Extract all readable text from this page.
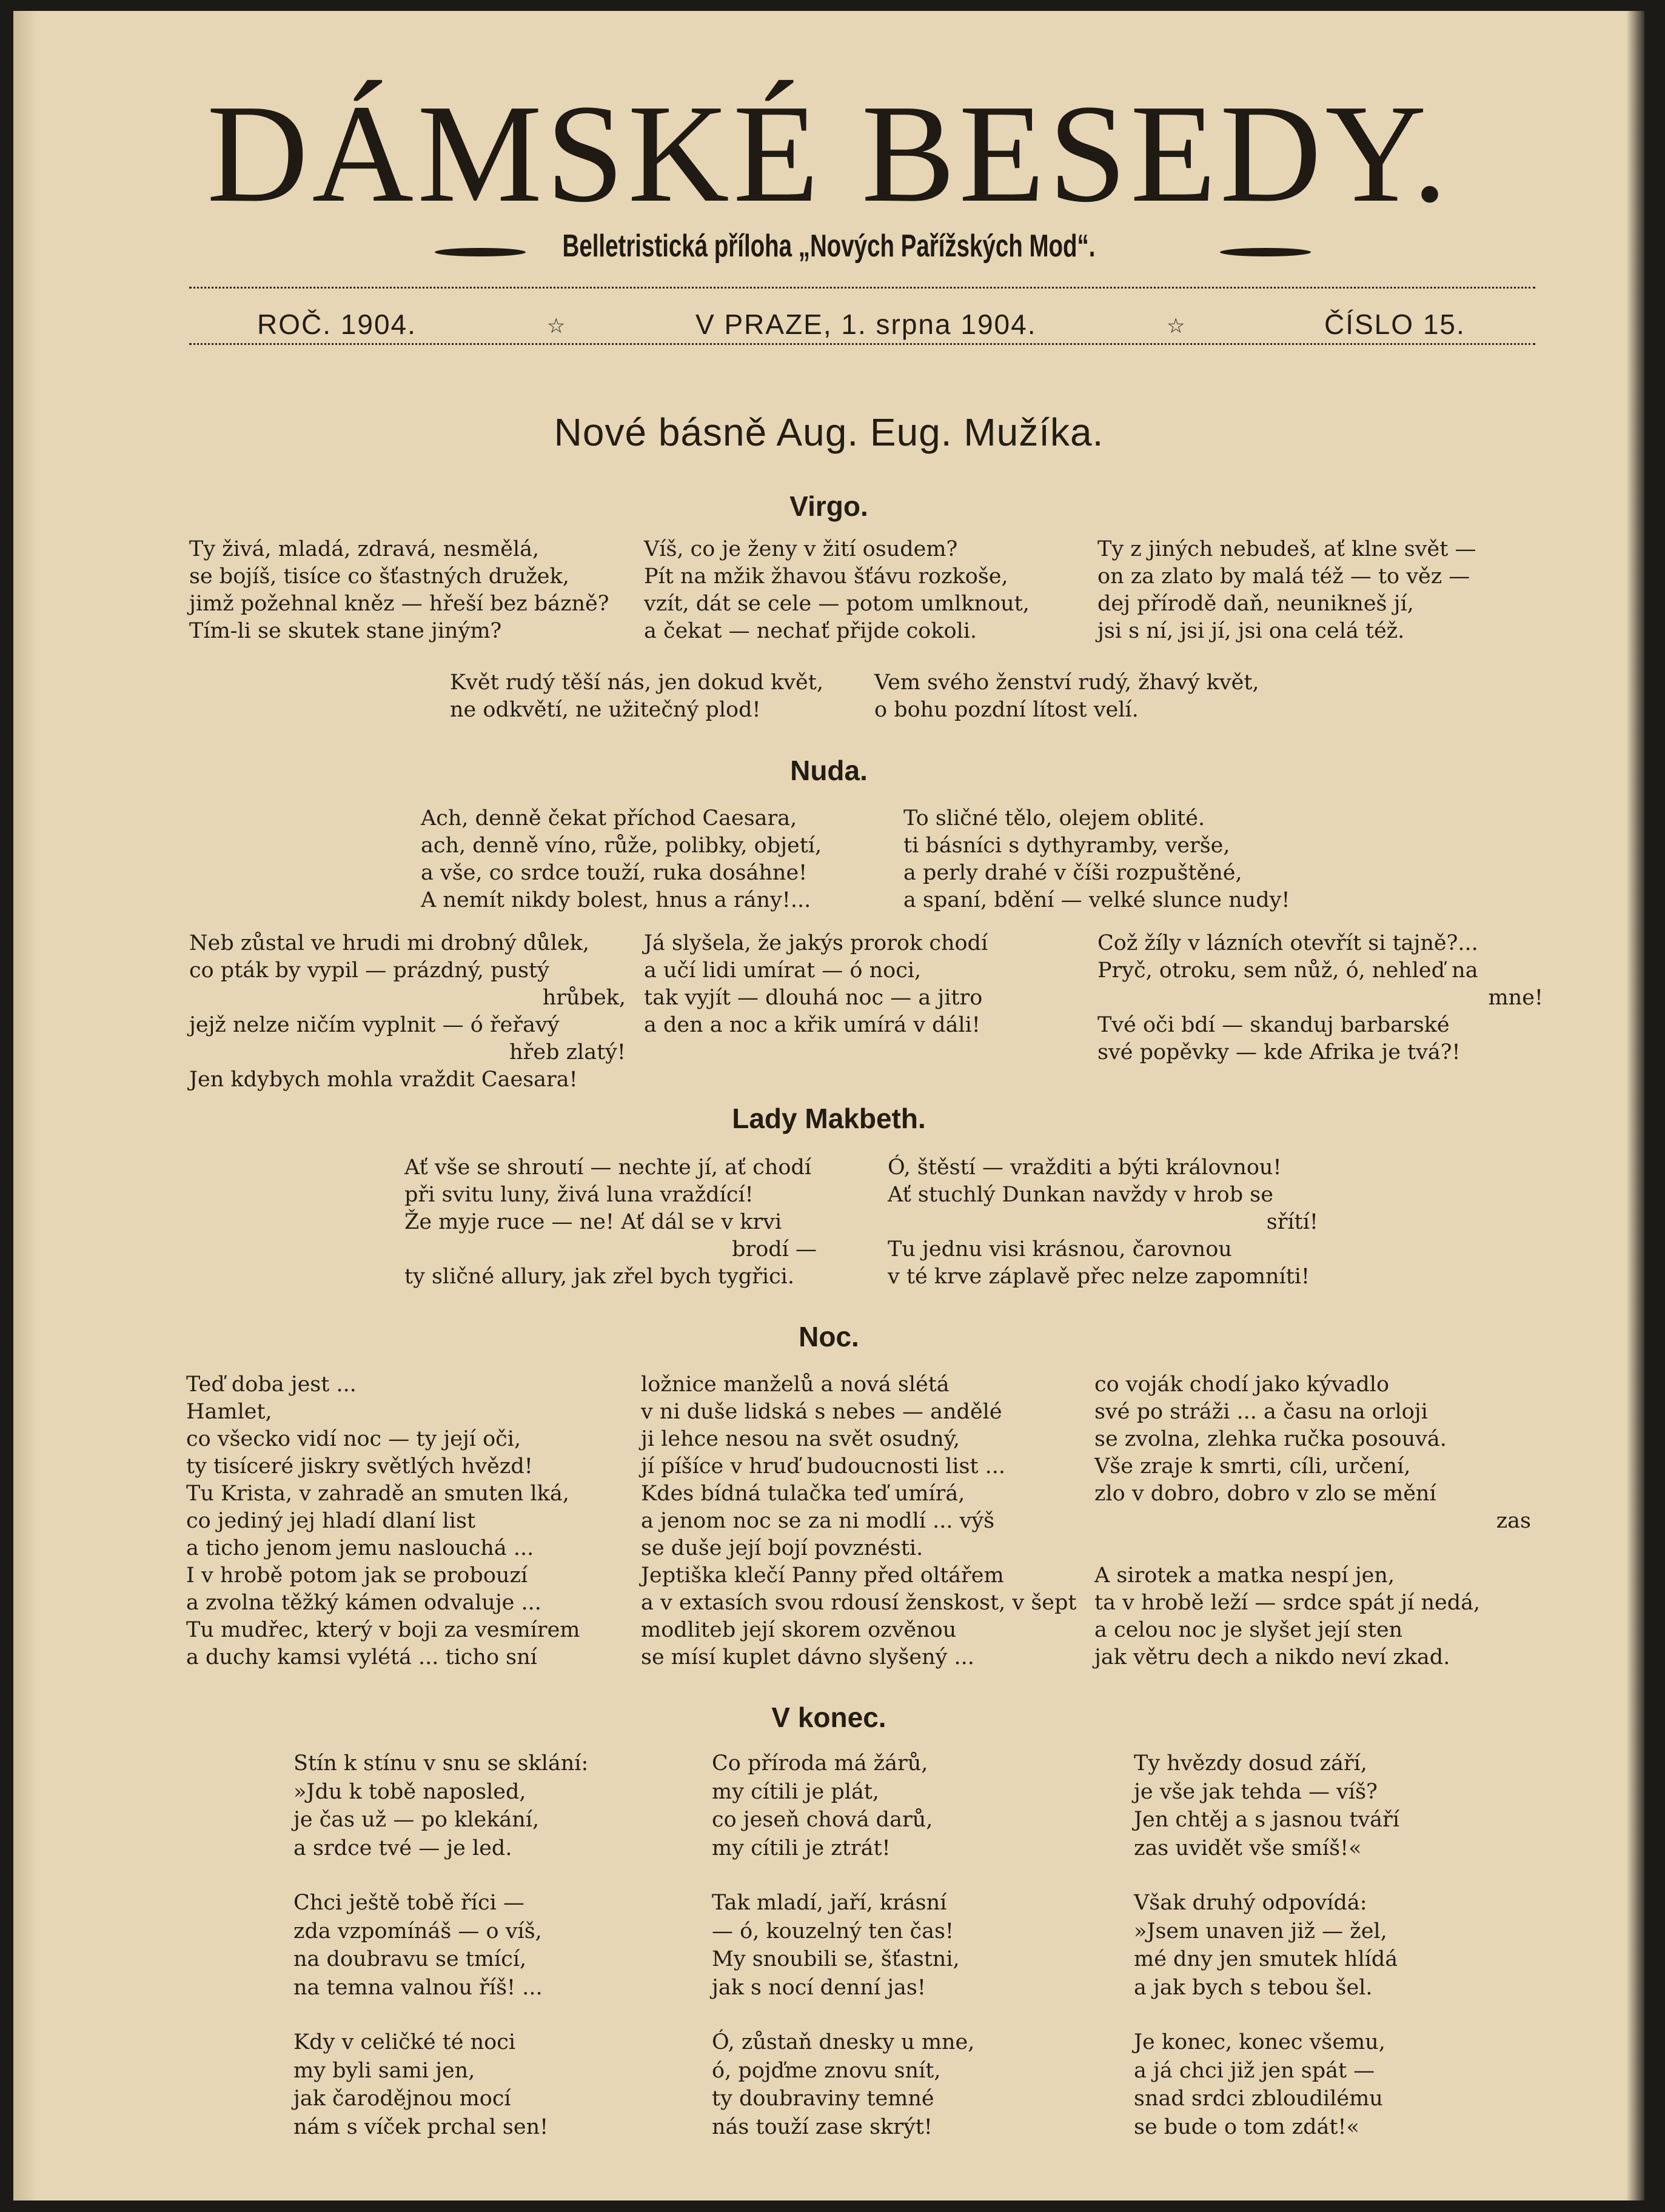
DÁMSKÉ BESEDY.
Belletristická příloha „Nových Pařížských Mod“.
ROČ. 1904.	☆	V PRAZE, 1. srpna 1904.	☆	ČÍSLO 15.
Nové básně Aug. Eug. Mužíka.
Virgo.
Ty živá, mladá, zdravá, nesmělá,
se bojíš, tisíce co šťastných družek,
jimž požehnal kněz — hřeší bez bázně?
Tím-li se skutek stane jiným?
Víš, co je ženy v žití osudem?
Pít na mžik žhavou šťávu rozkoše,
vzít, dát se cele — potom umlknout,
a čekat — nechať přijde cokoli.
Ty z jiných nebudeš, ať klne svět —
on za zlato by malá též — to věz —
dej přírodě daň, neunikneš jí,
jsi s ní, jsi jí, jsi ona celá též.
Květ rudý těší nás, jen dokud květ,
ne odkvětí, ne užitečný plod!
Vem svého ženství rudý, žhavý květ,
o bohu pozdní lítost velí.
Nuda.
Ach, denně čekat příchod Caesara,
ach, denně víno, růže, polibky, objetí,
a vše, co srdce touží, ruka dosáhne!
A nemít nikdy bolest, hnus a rány!...
To sličné tělo, olejem oblité.
ti básníci s dythyramby, verše,
a perly drahé v číši rozpuštěné,
a spaní, bdění — velké slunce nudy!
Neb zůstal ve hrudi mi drobný důlek,
co pták by vypil — prázdný, pustý
hrůbek,
jejž nelze ničím vyplnit — ó řeřavý
hřeb zlatý!
Jen kdybych mohla vraždit Caesara!
Já slyšela, že jakýs prorok chodí
a učí lidi umírat — ó noci,
tak vyjít — dlouhá noc — a jitro
a den a noc a křik umírá v dáli!
Což žíly v lázních otevřít si tajně?...
Pryč, otroku, sem nůž, ó, nehleď na
mne!
Tvé oči bdí — skanduj barbarské
své popěvky — kde Afrika je tvá?!
Lady Makbeth.
Ať vše se shroutí — nechte jí, ať chodí
při svitu luny, živá luna vraždící!
Že myje ruce — ne! Ať dál se v krvi
brodí —
ty sličné allury, jak zřel bych tygřici.
Ó, štěstí — vražditi a býti královnou!
Ať stuchlý Dunkan navždy v hrob se
sřítí!
Tu jednu visi krásnou, čarovnou
v té krve záplavě přec nelze zapomníti!
Noc.
Teď doba jest ...
Hamlet,
co všecko vidí noc — ty její oči,
ty tisíceré jiskry světlých hvězd!
Tu Krista, v zahradě an smuten lká,
co jediný jej hladí dlaní list
a ticho jenom jemu naslouchá ...
I v hrobě potom jak se probouzí
a zvolna těžký kámen odvaluje ...
Tu mudřec, který v boji za vesmírem
a duchy kamsi vylétá ... ticho sní
ložnice manželů a nová slétá
v ni duše lidská s nebes — andělé
ji lehce nesou na svět osudný,
jí píšíce v hruď budoucnosti list ...
Kdes bídná tulačka teď umírá,
a jenom noc se za ni modlí ... výš
se duše její bojí povznésti.
Jeptiška klečí Panny před oltářem
a v extasích svou rdousí ženskost, v šept
modliteb její skorem ozvěnou
se mísí kuplet dávno slyšený ...
co voják chodí jako kývadlo
své po stráži ... a času na orloji
se zvolna, zlehka ručka posouvá.
Vše zraje k smrti, cíli, určení,
zlo v dobro, dobro v zlo se mění
zas
A sirotek a matka nespí jen,
ta v hrobě leží — srdce spát jí nedá,
a celou noc je slyšet její sten
jak větru dech a nikdo neví zkad.
V konec.
Stín k stínu v snu se sklání:
»Jdu k tobě naposled,
je čas už — po klekání,
a srdce tvé — je led.
Chci ještě tobě říci —
zda vzpomínáš — o víš,
na doubravu se tmící,
na temna valnou říš! ...
Kdy v celičké té noci
my byli sami jen,
jak čarodějnou mocí
nám s víček prchal sen!
Co příroda má žárů,
my cítili je plát,
co jeseň chová darů,
my cítili je ztrát!
Tak mladí, jaří, krásní
— ó, kouzelný ten čas!
My snoubili se, šťastni,
jak s nocí denní jas!
Ó, zůstaň dnesky u mne,
ó, pojďme znovu snít,
ty doubraviny temné
nás touží zase skrýt!
Ty hvězdy dosud září,
je vše jak tehda — víš?
Jen chtěj a s jasnou tváří
zas uvidět vše smíš!«
Však druhý odpovídá:
»Jsem unaven již — žel,
mé dny jen smutek hlídá
a jak bych s tebou šel.
Je konec, konec všemu,
a já chci již jen spát —
snad srdci zbloudilému
se bude o tom zdát!«
